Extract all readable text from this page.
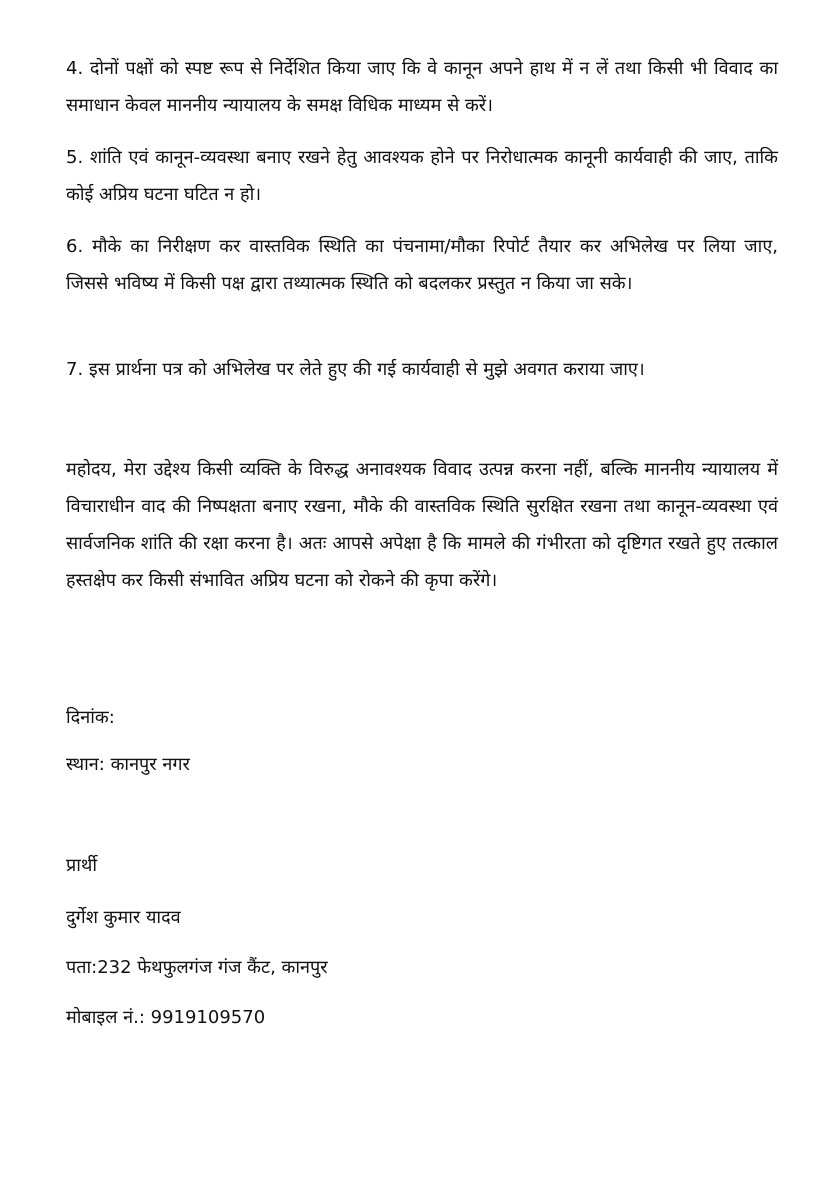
4. दोनों पक्षों को स्पष्ट रूप से निर्देशित किया जाए कि वे कानून अपने हाथ में न लें तथा किसी भी विवाद का समाधान केवल माननीय न्यायालय के समक्ष विधिक माध्यम से करें।

5. शांति एवं कानून-व्यवस्था बनाए रखने हेतु आवश्यक होने पर निरोधात्मक कानूनी कार्यवाही की जाए, ताकि कोई अप्रिय घटना घटित न हो।

6. मौके का निरीक्षण कर वास्तविक स्थिति का पंचनामा/मौका रिपोर्ट तैयार कर अभिलेख पर लिया जाए, जिससे भविष्य में किसी पक्ष द्वारा तथ्यात्मक स्थिति को बदलकर प्रस्तुत न किया जा सके।

7. इस प्रार्थना पत्र को अभिलेख पर लेते हुए की गई कार्यवाही से मुझे अवगत कराया जाए।

महोदय, मेरा उद्देश्य किसी व्यक्ति के विरुद्ध अनावश्यक विवाद उत्पन्न करना नहीं, बल्कि माननीय न्यायालय में विचाराधीन वाद की निष्पक्षता बनाए रखना, मौके की वास्तविक स्थिति सुरक्षित रखना तथा कानून-व्यवस्था एवं सार्वजनिक शांति की रक्षा करना है। अतः आपसे अपेक्षा है कि मामले की गंभीरता को दृष्टिगत रखते हुए तत्काल हस्तक्षेप कर किसी संभावित अप्रिय घटना को रोकने की कृपा करेंगे।

दिनांक:

स्थान: कानपुर नगर

प्रार्थी

दुर्गेश कुमार यादव

पता:232 फेथफुलगंज गंज कैंट, कानपुर

मोबाइल नं.: 9919109570
